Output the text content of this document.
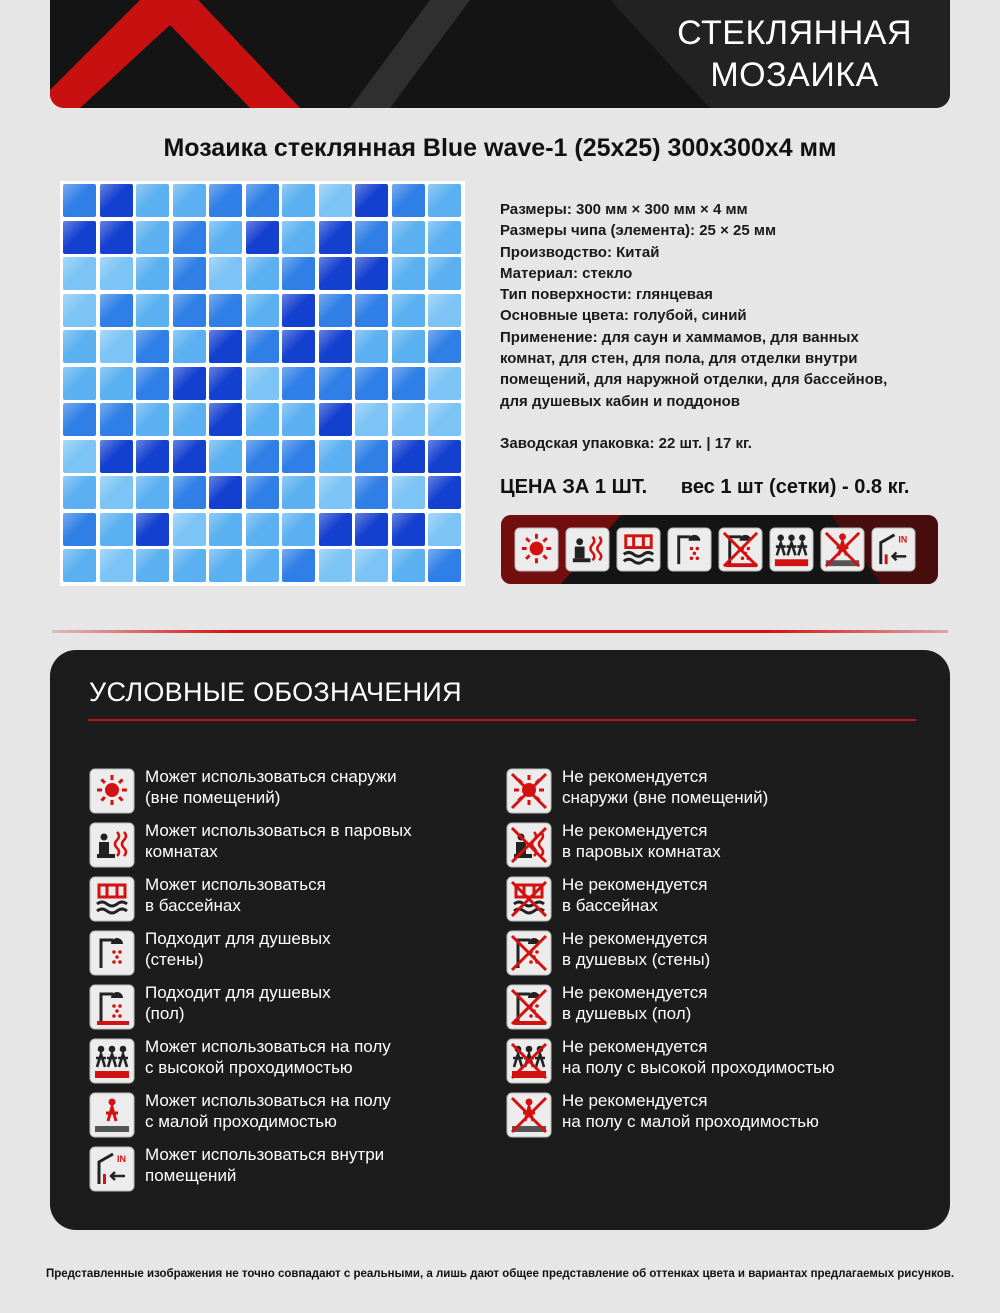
СТЕКЛЯННАЯ
МОЗАИКА
Мозаика стеклянная Blue wave-1 (25x25) 300x300x4 мм
Размеры: 300 мм × 300 мм × 4 мм
Размеры чипа (элемента): 25 × 25 мм
Производство: Китай
Материал: стекло
Тип поверхности: глянцевая
Основные цвета: голубой, синий
Применение: для саун и хаммамов, для ванных
комнат, для стен, для пола, для отделки внутри
помещений, для наружной отделки, для бассейнов,
для душевых кабин и поддонов
Заводская упаковка: 22 шт. | 17 кг.
ЦЕНА ЗА 1 ШТ. вес 1 шт (сетки) - 0.8 кг.
IN
УСЛОВНЫЕ ОБОЗНАЧЕНИЯ
Может использоваться снаружи
(вне помещений)
Может использоваться в паровых
комнатах
Может использоваться
в бассейнах
Подходит для душевых
(стены)
Подходит для душевых
(пол)
Может использоваться на полу
с высокой проходимостью
Может использоваться на полу
с малой проходимостью
IN Может использоваться внутри
помещений
Не рекомендуется
снаружи (вне помещений)
Не рекомендуется
в паровых комнатах
Не рекомендуется
в бассейнах
Не рекомендуется
в душевых (стены)
Не рекомендуется
в душевых (пол)
Не рекомендуется
на полу с высокой проходимостью
Не рекомендуется
на полу с малой проходимостью
Представленные изображения не точно совпадают с реальными, а лишь дают общее представление об оттенках цвета и вариантах предлагаемых рисунков.
